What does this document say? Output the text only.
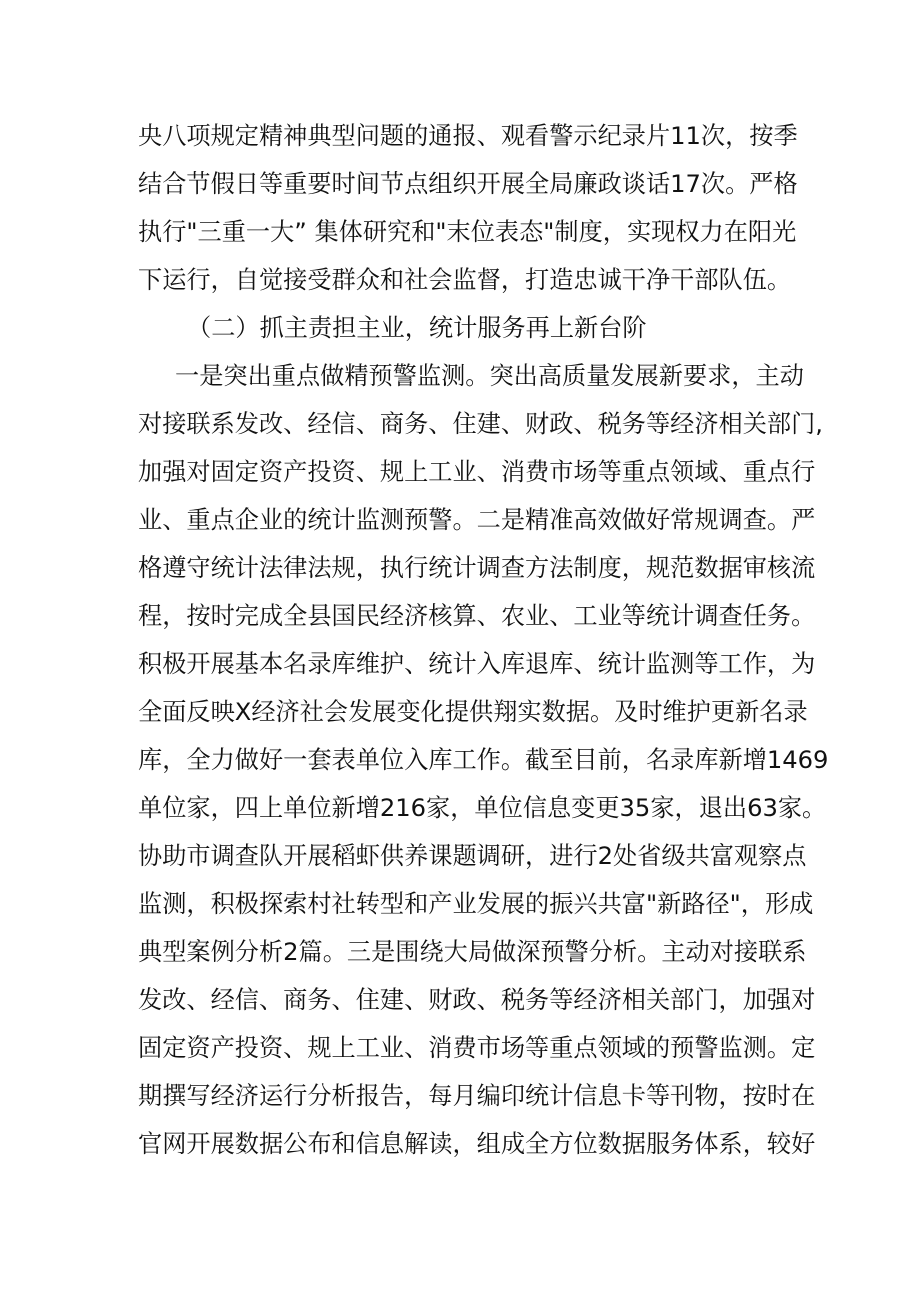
央八项规定精神典型问题的通报、观看警示纪录片11次，按季
结合节假日等重要时间节点组织开展全局廉政谈话17次。严格
执行"三重一大” 集体研究和"末位表态"制度，实现权力在阳光
下运行，自觉接受群众和社会监督，打造忠诚干净干部队伍。
（二）抓主责担主业，统计服务再上新台阶
一是突出重点做精预警监测。突出高质量发展新要求，主动
对接联系发改、经信、商务、住建、财政、税务等经济相关部门,
加强对固定资产投资、规上工业、消费市场等重点领域、重点行
业、重点企业的统计监测预警。二是精准高效做好常规调查。严
格遵守统计法律法规，执行统计调查方法制度，规范数据审核流
程，按时完成全县国民经济核算、农业、工业等统计调查任务。
积极开展基本名录库维护、统计入库退库、统计监测等工作，为
全面反映X经济社会发展变化提供翔实数据。及时维护更新名录
库，全力做好一套表单位入库工作。截至目前，名录库新增1469
单位家，四上单位新增216家，单位信息变更35家，退出63家。
协助市调查队开展稻虾供养课题调研，进行2处省级共富观察点
监测，积极探索村社转型和产业发展的振兴共富"新路径"，形成
典型案例分析2篇。三是围绕大局做深预警分析。主动对接联系
发改、经信、商务、住建、财政、税务等经济相关部门，加强对
固定资产投资、规上工业、消费市场等重点领域的预警监测。定
期撰写经济运行分析报告，每月编印统计信息卡等刊物，按时在
官网开展数据公布和信息解读，组成全方位数据服务体系，较好
